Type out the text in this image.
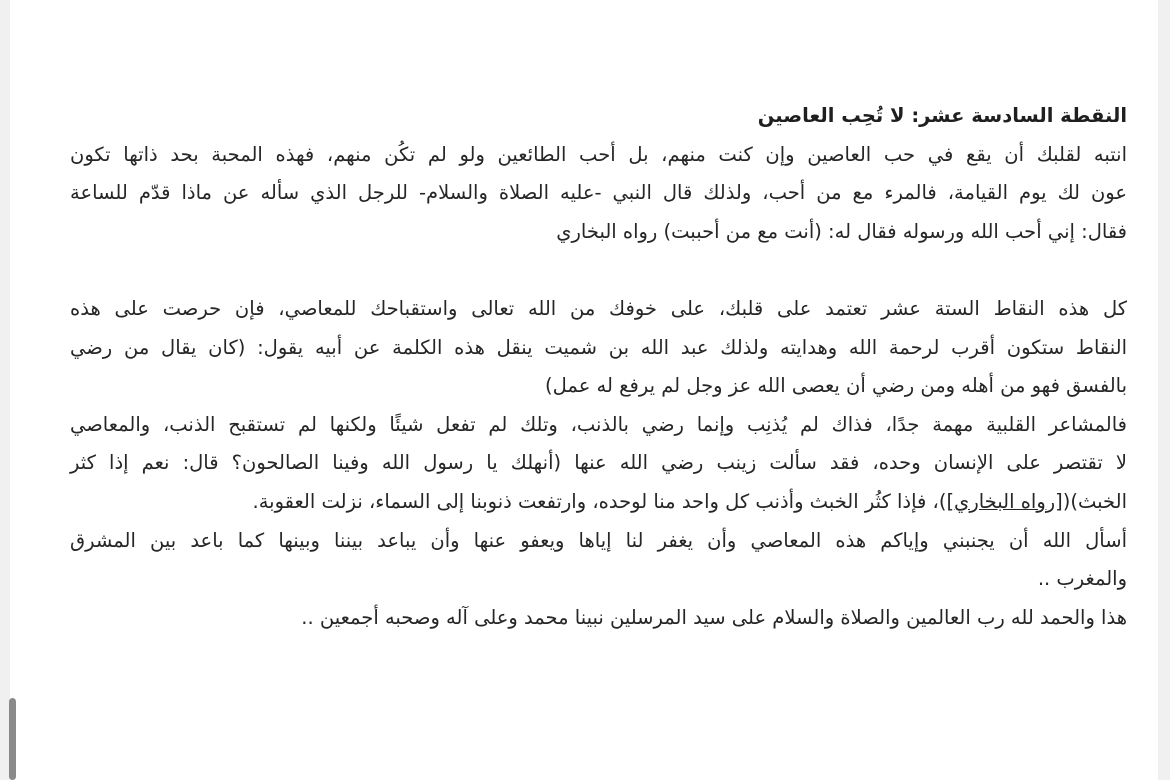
النقطة السادسة عشر: لا تُحِب العاصين
انتبه لقلبك أن يقع في حب العاصين وإن كنت منهم، بل أحب الطائعين ولو لم تكُن منهم، فهذه المحبة بحد ذاتها تكون
عون لك يوم القيامة، فالمرء مع من أحب، ولذلك قال النبي -عليه الصلاة والسلام- للرجل الذي سأله عن ماذا قدّم للساعة
فقال: إني أحب الله ورسوله فقال له: (أنت مع من أحببت) رواه البخاري
كل هذه النقاط الستة عشر تعتمد على قلبك، على خوفك من الله تعالى واستقباحك للمعاصي، فإن حرصت على هذه
النقاط ستكون أقرب لرحمة الله وهدايته ولذلك عبد الله بن شميت ينقل هذه الكلمة عن أبيه يقول: (كان يقال من رضي
بالفسق فهو من أهله ومن رضي أن يعصى الله عز وجل لم يرفع له عمل)
فالمشاعر القلبية مهمة جدًا، فذاك لم يُذنِب وإنما رضي بالذنب، وتلك لم تفعل شيئًا ولكنها لم تستقبح الذنب، والمعاصي
لا تقتصر على الإنسان وحده، فقد سألت زينب رضي الله عنها (أنهلك يا رسول الله وفينا الصالحون؟ قال: نعم إذا كثر
الخبث)([رواه البخاري])، فإذا كثُر الخبث وأذنب كل واحد منا لوحده، وارتفعت ذنوبنا إلى السماء، نزلت العقوبة.
أسأل الله أن يجنبني وإياكم هذه المعاصي وأن يغفر لنا إياها ويعفو عنها وأن يباعد بيننا وبينها كما باعد بين المشرق
والمغرب ..
هذا والحمد لله رب العالمين والصلاة والسلام على سيد المرسلين نبينا محمد وعلى آله وصحبه أجمعين ..
